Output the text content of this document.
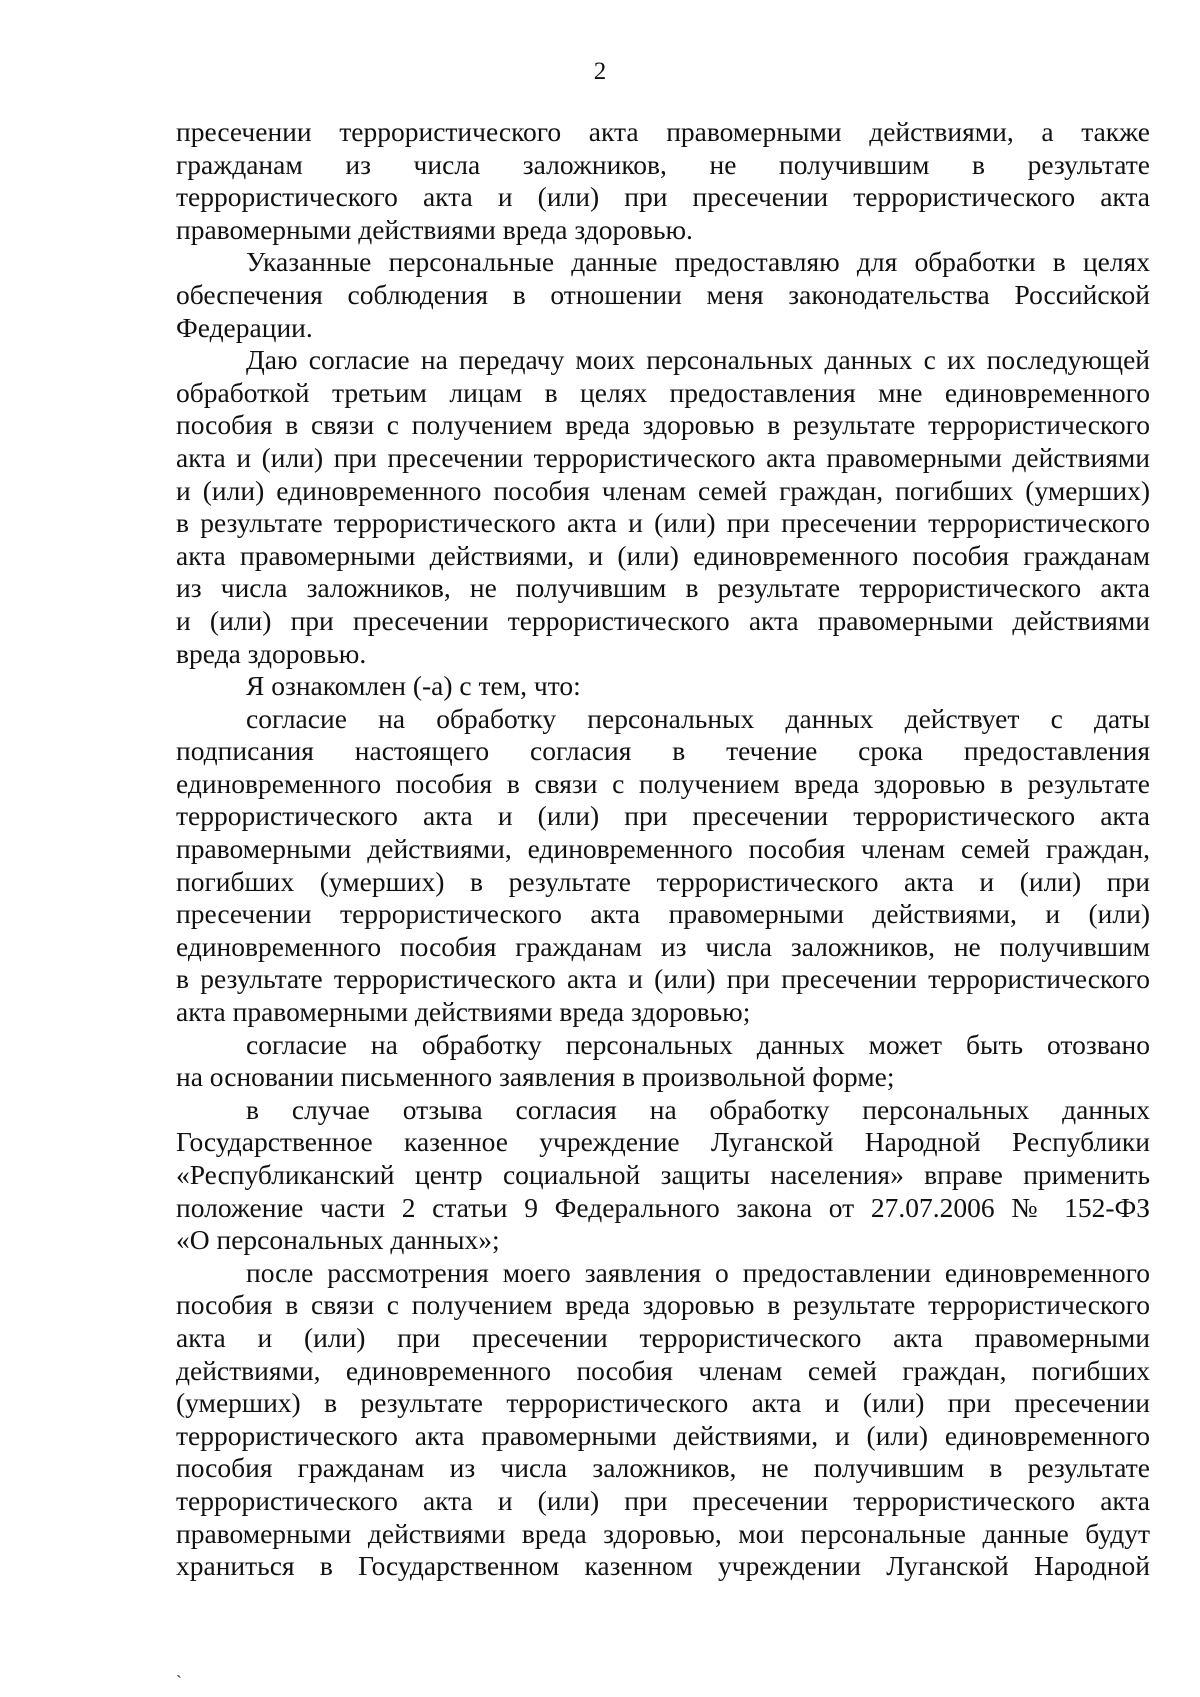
2
пресечении террористического акта правомерными действиями, а также
гражданам из числа заложников, не получившим в результате
террористического акта и (или) при пресечении террористического акта
правомерными действиями вреда здоровью.
Указанные персональные данные предоставляю для обработки в целях
обеспечения соблюдения в отношении меня законодательства Российской
Федерации.
Даю согласие на передачу моих персональных данных с их последующей
обработкой третьим лицам в целях предоставления мне единовременного
пособия в связи с получением вреда здоровью в результате террористического
акта и (или) при пресечении террористического акта правомерными действиями
и (или) единовременного пособия членам семей граждан, погибших (умерших)
в результате террористического акта и (или) при пресечении террористического
акта правомерными действиями, и (или) единовременного пособия гражданам
из числа заложников, не получившим в результате террористического акта
и (или) при пресечении террористического акта правомерными действиями
вреда здоровью.
Я ознакомлен (-а) с тем, что:
согласие на обработку персональных данных действует с даты
подписания настоящего согласия в течение срока предоставления
единовременного пособия в связи с получением вреда здоровью в результате
террористического акта и (или) при пресечении террористического акта
правомерными действиями, единовременного пособия членам семей граждан,
погибших (умерших) в результате террористического акта и (или) при
пресечении террористического акта правомерными действиями, и (или)
единовременного пособия гражданам из числа заложников, не получившим
в результате террористического акта и (или) при пресечении террористического
акта правомерными действиями вреда здоровью;
согласие на обработку персональных данных может быть отозвано
на основании письменного заявления в произвольной форме;
в случае отзыва согласия на обработку персональных данных
Государственное казенное учреждение Луганской Народной Республики
«Республиканский центр социальной защиты населения» вправе применить
положение части 2 статьи 9 Федерального закона от 27.07.2006 № 152-ФЗ
«О персональных данных»;
после рассмотрения моего заявления о предоставлении единовременного
пособия в связи с получением вреда здоровью в результате террористического
акта и (или) при пресечении террористического акта правомерными
действиями, единовременного пособия членам семей граждан, погибших
(умерших) в результате террористического акта и (или) при пресечении
террористического акта правомерными действиями, и (или) единовременного
пособия гражданам из числа заложников, не получившим в результате
террористического акта и (или) при пресечении террористического акта
правомерными действиями вреда здоровью, мои персональные данные будут
храниться в Государственном казенном учреждении Луганской Народной
`
